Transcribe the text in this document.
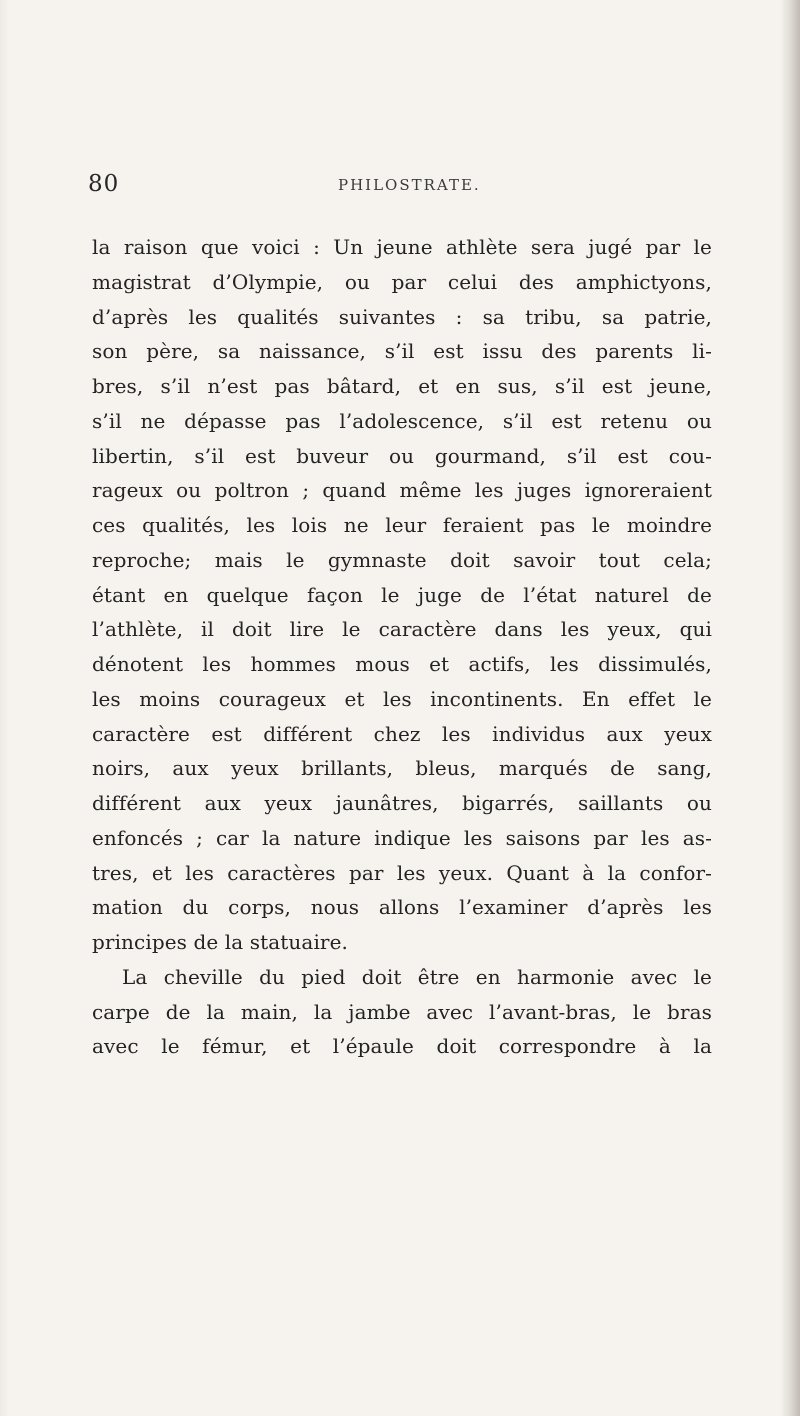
80	PHILOSTRATE.
la raison que voici : Un jeune athlète sera jugé par le
magistrat d’Olympie, ou par celui des amphictyons,
d’après les qualités suivantes : sa tribu, sa patrie,
son père, sa naissance, s’il est issu des parents li-
bres, s’il n’est pas bâtard, et en sus, s’il est jeune,
s’il ne dépasse pas l’adolescence, s’il est retenu ou
libertin, s’il est buveur ou gourmand, s’il est cou-
rageux ou poltron ; quand même les juges ignoreraient
ces qualités, les lois ne leur feraient pas le moindre
reproche; mais le gymnaste doit savoir tout cela;
étant en quelque façon le juge de l’état naturel de
l’athlète, il doit lire le caractère dans les yeux, qui
dénotent les hommes mous et actifs, les dissimulés,
les moins courageux et les incontinents. En effet le
caractère est différent chez les individus aux yeux
noirs, aux yeux brillants, bleus, marqués de sang,
différent aux yeux jaunâtres, bigarrés, saillants ou
enfoncés ; car la nature indique les saisons par les as-
tres, et les caractères par les yeux. Quant à la confor-
mation du corps, nous allons l’examiner d’après les
principes de la statuaire.
La cheville du pied doit être en harmonie avec le
carpe de la main, la jambe avec l’avant-bras, le bras
avec le fémur, et l’épaule doit correspondre à la
